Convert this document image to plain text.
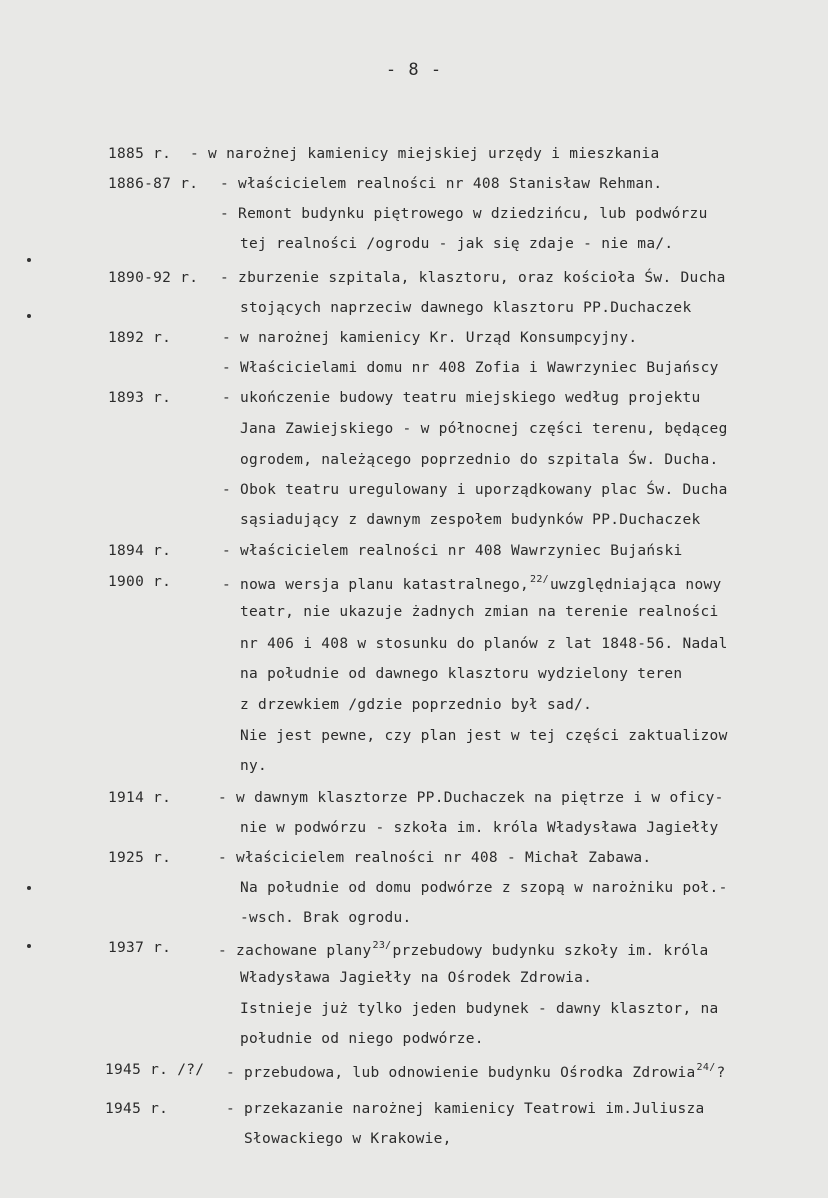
- 8 -
1885 r. - w narożnej kamienicy miejskiej urzędy i mieszkania
1886-87 r. - właścicielem realności nr 408 Stanisław Rehman.
- Remont budynku piętrowego w dziedzińcu, lub podwórzu
tej realności /ogrodu - jak się zdaje - nie ma/.
1890-92 r. - zburzenie szpitala, klasztoru, oraz kościoła Św. Ducha
stojących naprzeciw dawnego klasztoru PP.Duchaczek
1892 r.	- w narożnej kamienicy Kr. Urząd Konsumpcyjny.
- Właścicielami domu nr 408 Zofia i Wawrzyniec Bujańscy
1893 r.	- ukończenie budowy teatru miejskiego według projektu
Jana Zawiejskiego - w północnej części terenu, będąceg
ogrodem, należącego poprzednio do szpitala Św. Ducha.
- Obok teatru uregulowany i uporządkowany plac Św. Ducha
sąsiadujący z dawnym zespołem budynków PP.Duchaczek
1894 r.	- właścicielem realności nr 408 Wawrzyniec Bujański
1900 r.	- nowa wersja planu katastralnego,$^{22/}$uwzględniająca nowy
teatr, nie ukazuje żadnych zmian na terenie realności
nr 406 i 408 w stosunku do planów z lat 1848-56. Nadal
na południe od dawnego klasztoru wydzielony teren
z drzewkiem /gdzie poprzednio był sad/.
Nie jest pewne, czy plan jest w tej części zaktualizow
ny.
1914 r.	- w dawnym klasztorze PP.Duchaczek na piętrze i w oficy-
nie w podwórzu - szkoła im. króla Władysława Jagiełły
1925 r.	- właścicielem realności nr 408 - Michał Zabawa.
Na południe od domu podwórze z szopą w narożniku poł.-
-wsch. Brak ogrodu.
1937 r.	- zachowane plany$^{23/}$przebudowy budynku szkoły im. króla
Władysława Jagiełły na Ośrodek Zdrowia.
Istnieje już tylko jeden budynek - dawny klasztor, na
południe od niego podwórze.
1945 r. /?/ - przebudowa, lub odnowienie budynku Ośrodka Zdrowia$^{24/}$?
1945 r.	- przekazanie narożnej kamienicy Teatrowi im.Juliusza
Słowackiego w Krakowie,
